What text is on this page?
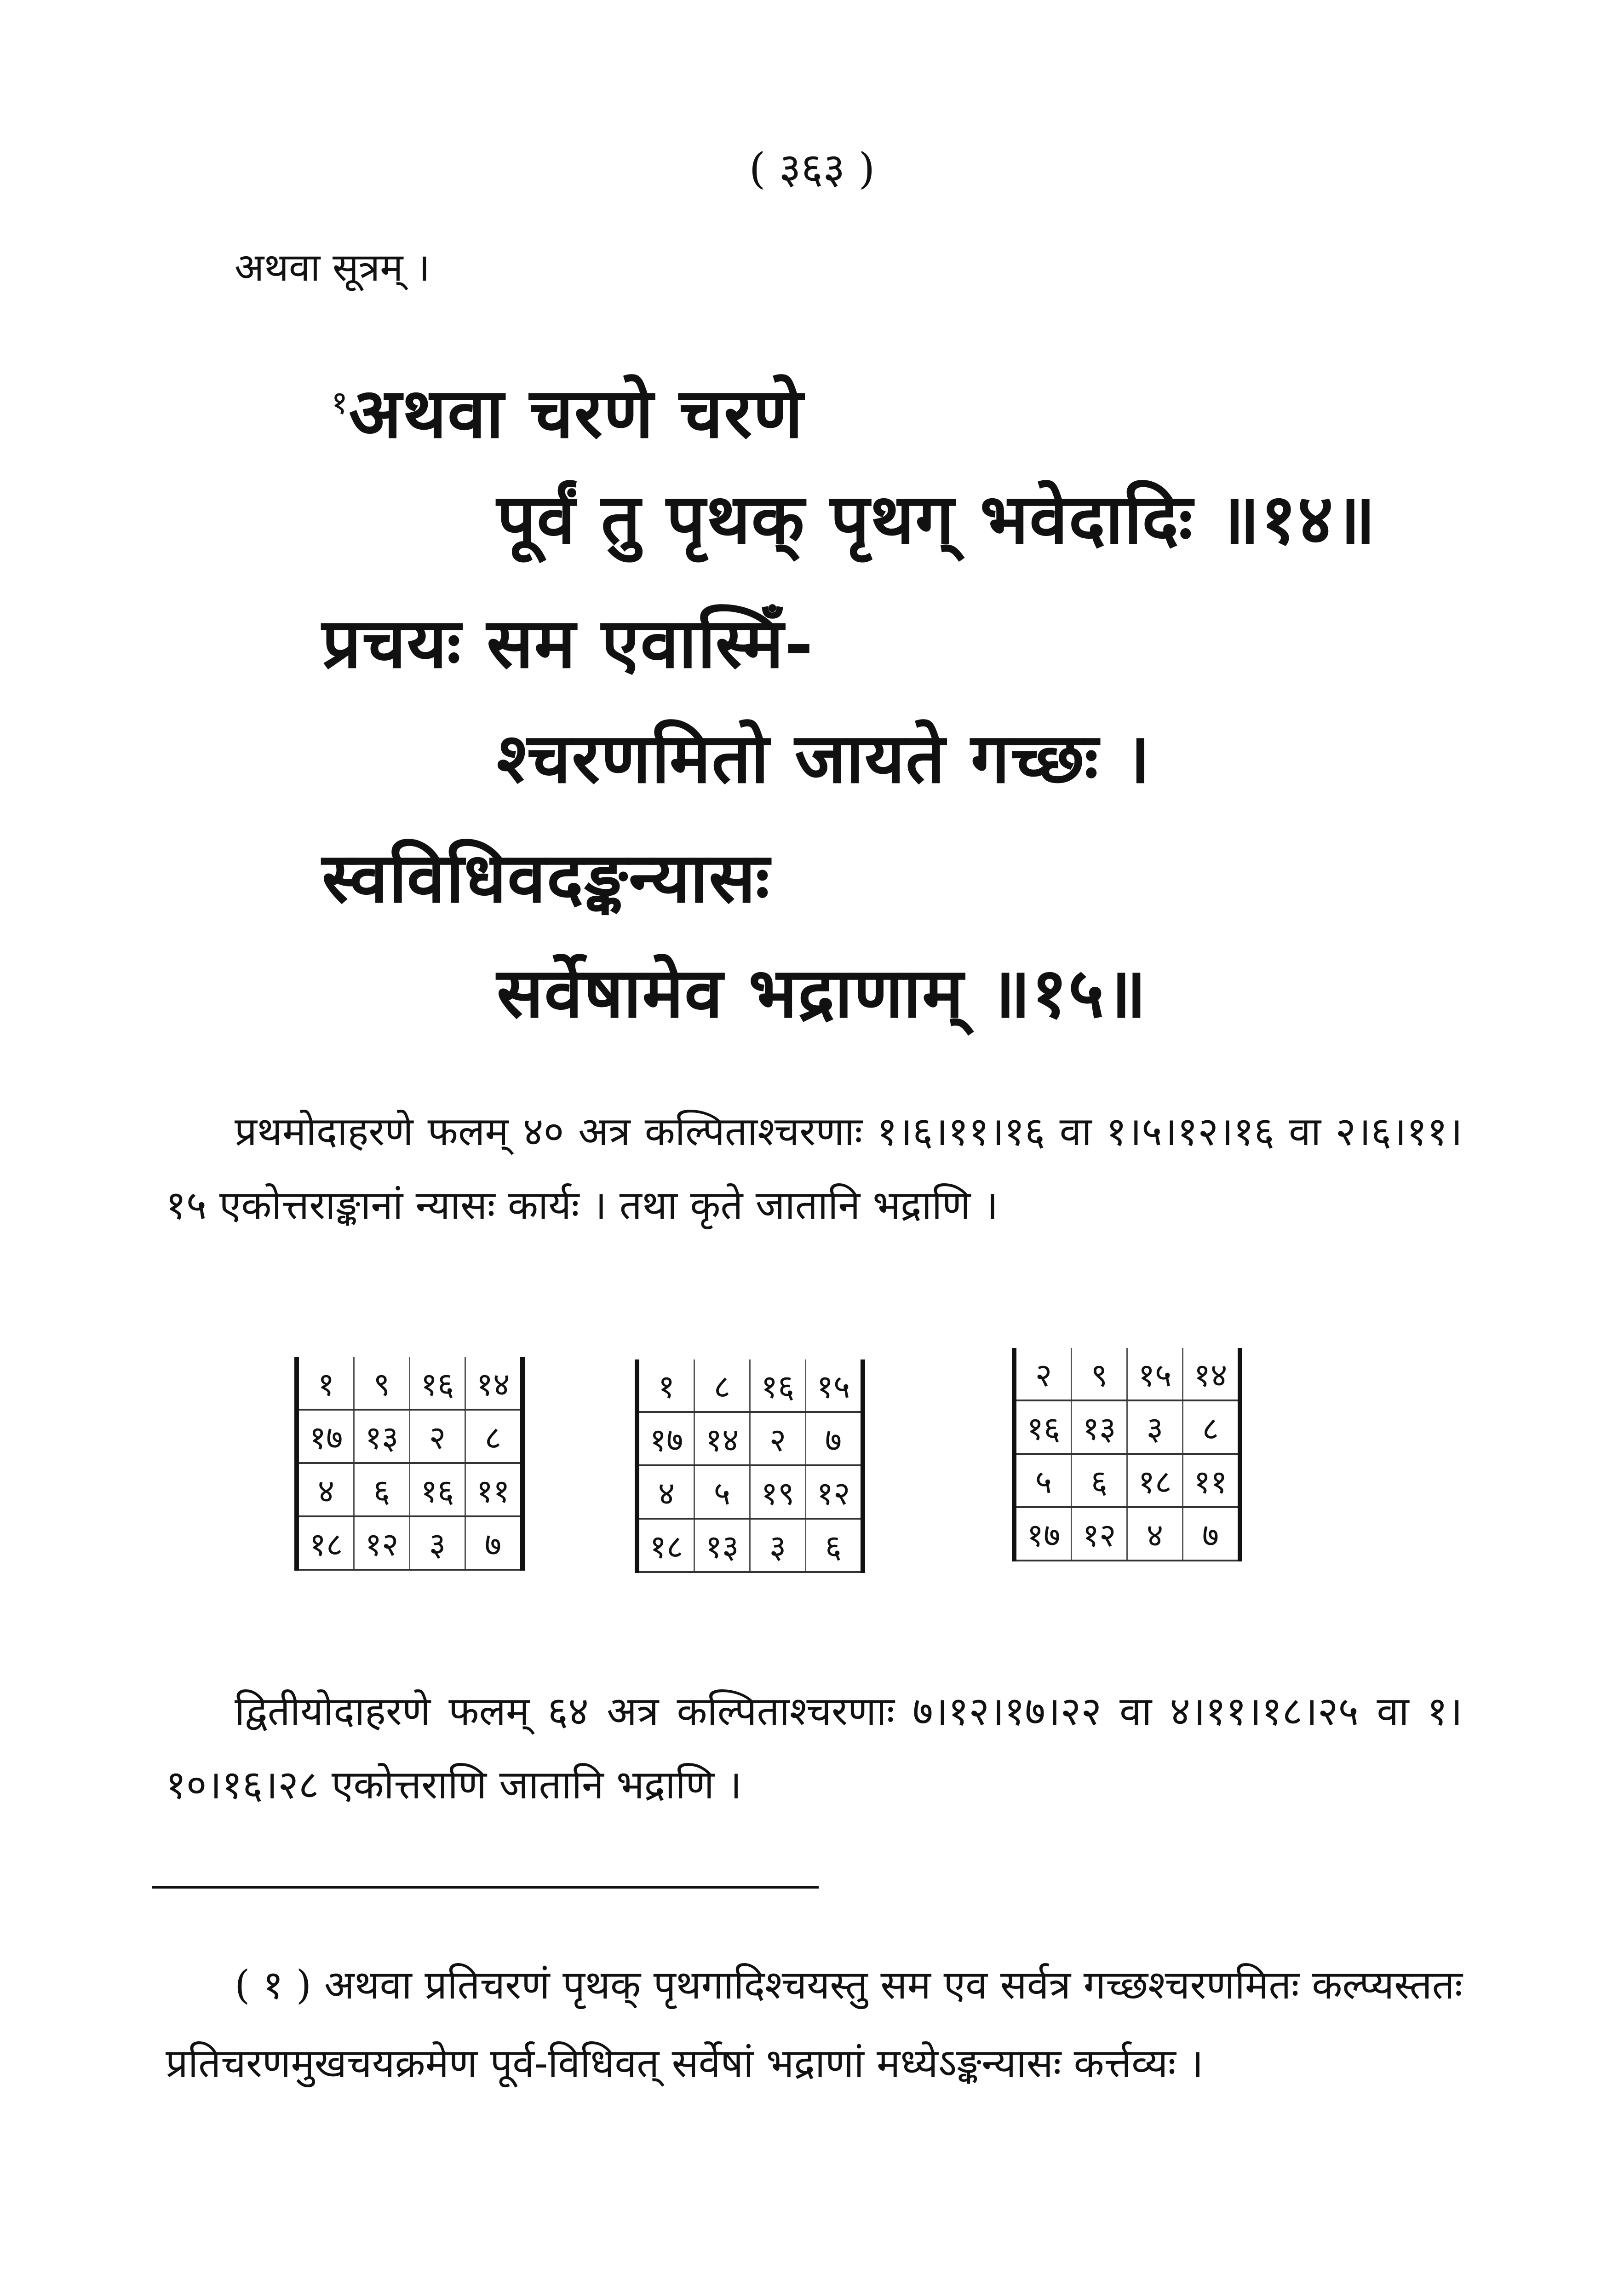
( ३६३ )
अथवा सूत्रम् ।
$^१$अथवा चरणे चरणे
पूर्वं तु पृथक् पृथग् भवेदादिः ॥१४॥
प्रचयः सम एवास्मिँ-
श्चरणमितो जायते गच्छः ।
स्वविधिवदङ्कन्यासः
सर्वेषामेव भद्राणाम् ॥१५॥
प्रथमोदाहरणे फलम् ४० अत्र कल्पिताश्चरणाः १।६।११।१६ वा १।५।१२।१६ वा २।६।११।१५ एकोत्तराङ्कानां न्यासः कार्यः । तथा कृते जातानि भद्राणि ।
१	९	१६	१४
१७	१३	२	८
४	६	१६	११
१८	१२	३	७
१	८	१६	१५
१७	१४	२	७
४	५	१९	१२
१८	१३	३	६
२	९	१५	१४
१६	१३	३	८
५	६	१८	११
१७	१२	४	७
द्वितीयोदाहरणे फलम् ६४ अत्र कल्पिताश्चरणाः ७।१२।१७।२२ वा ४।११।१८।२५ वा १।१०।१६।२८ एकोत्तराणि जातानि भद्राणि ।
( १ ) अथवा प्रतिचरणं पृथक् पृथगादिश्चयस्तु सम एव सर्वत्र गच्छश्चरणमितः कल्प्यस्ततः प्रतिचरणमुखचयक्रमेण पूर्व-विधिवत् सर्वेषां भद्राणां मध्येऽङ्कन्यासः कर्त्तव्यः ।
